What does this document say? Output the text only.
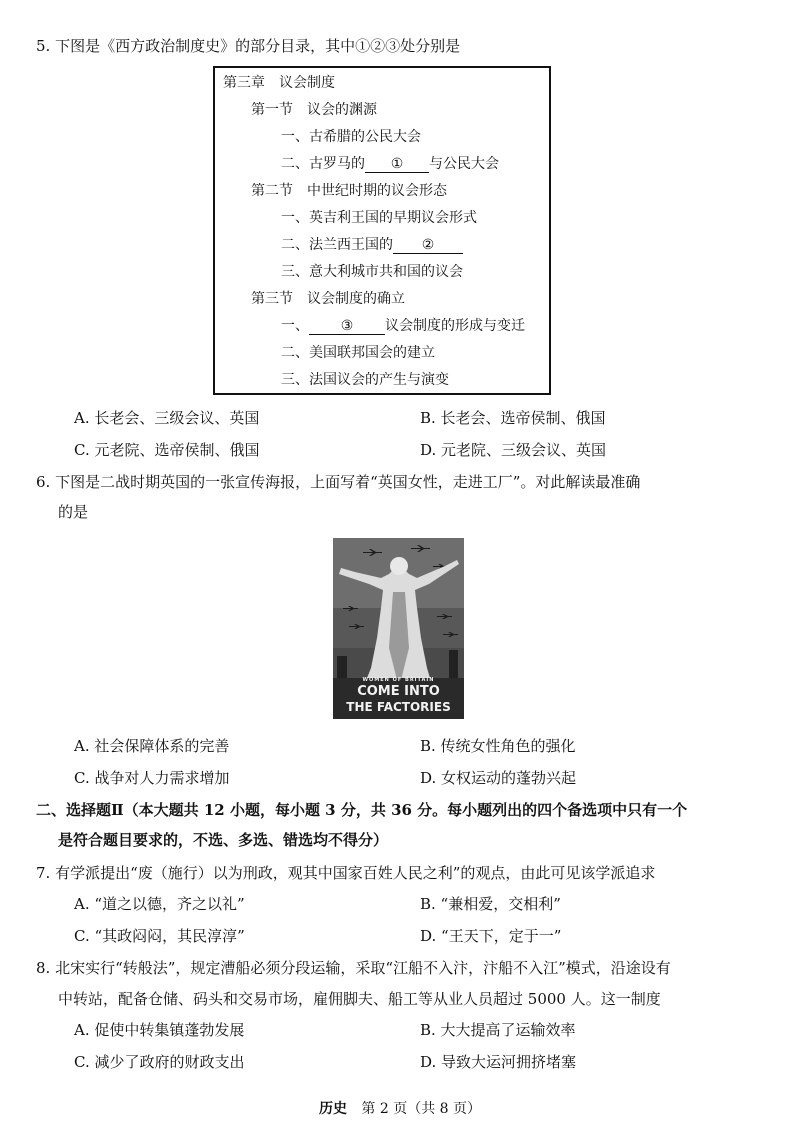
5. 下图是《西方政治制度史》的部分目录，其中①②③处分别是
第三章　议会制度
第一节　议会的渊源
一、古希腊的公民大会
二、古罗马的 ① 与公民大会
第二节　中世纪时期的议会形态
一、英吉利王国的早期议会形式
二、法兰西王国的 ②
三、意大利城市共和国的议会
第三节　议会制度的确立
一、 ③ 议会制度的形成与变迁
二、美国联邦国会的建立
三、法国议会的产生与演变
A. 长老会、三级会议、英国	B. 长老会、选帝侯制、俄国
C. 元老院、选帝侯制、俄国	D. 元老院、三级会议、英国
6. 下图是二战时期英国的一张宣传海报，上面写着“英国女性，走进工厂”。对此解读最准确
的是
WOMEN OF BRITAIN
COME INTO
THE FACTORIES
A. 社会保障体系的完善	B. 传统女性角色的强化
C. 战争对人力需求增加	D. 女权运动的蓬勃兴起
二、选择题Ⅱ（本大题共 12 小题，每小题 3 分，共 36 分。每小题列出的四个备选项中只有一个
是符合题目要求的，不选、多选、错选均不得分）
7. 有学派提出“废（施行）以为刑政，观其中国家百姓人民之利”的观点，由此可见该学派追求
A. “道之以德，齐之以礼”	B. “兼相爱，交相利”
C. “其政闷闷，其民淳淳”	D. “王天下，定于一”
8. 北宋实行“转般法”，规定漕船必须分段运输，采取“江船不入汴，汴船不入江”模式，沿途设有
中转站，配备仓储、码头和交易市场，雇佣脚夫、船工等从业人员超过 5000 人。这一制度
A. 促使中转集镇蓬勃发展	B. 大大提高了运输效率
C. 减少了政府的财政支出	D. 导致大运河拥挤堵塞
历史 第 2 页（共 8 页）
